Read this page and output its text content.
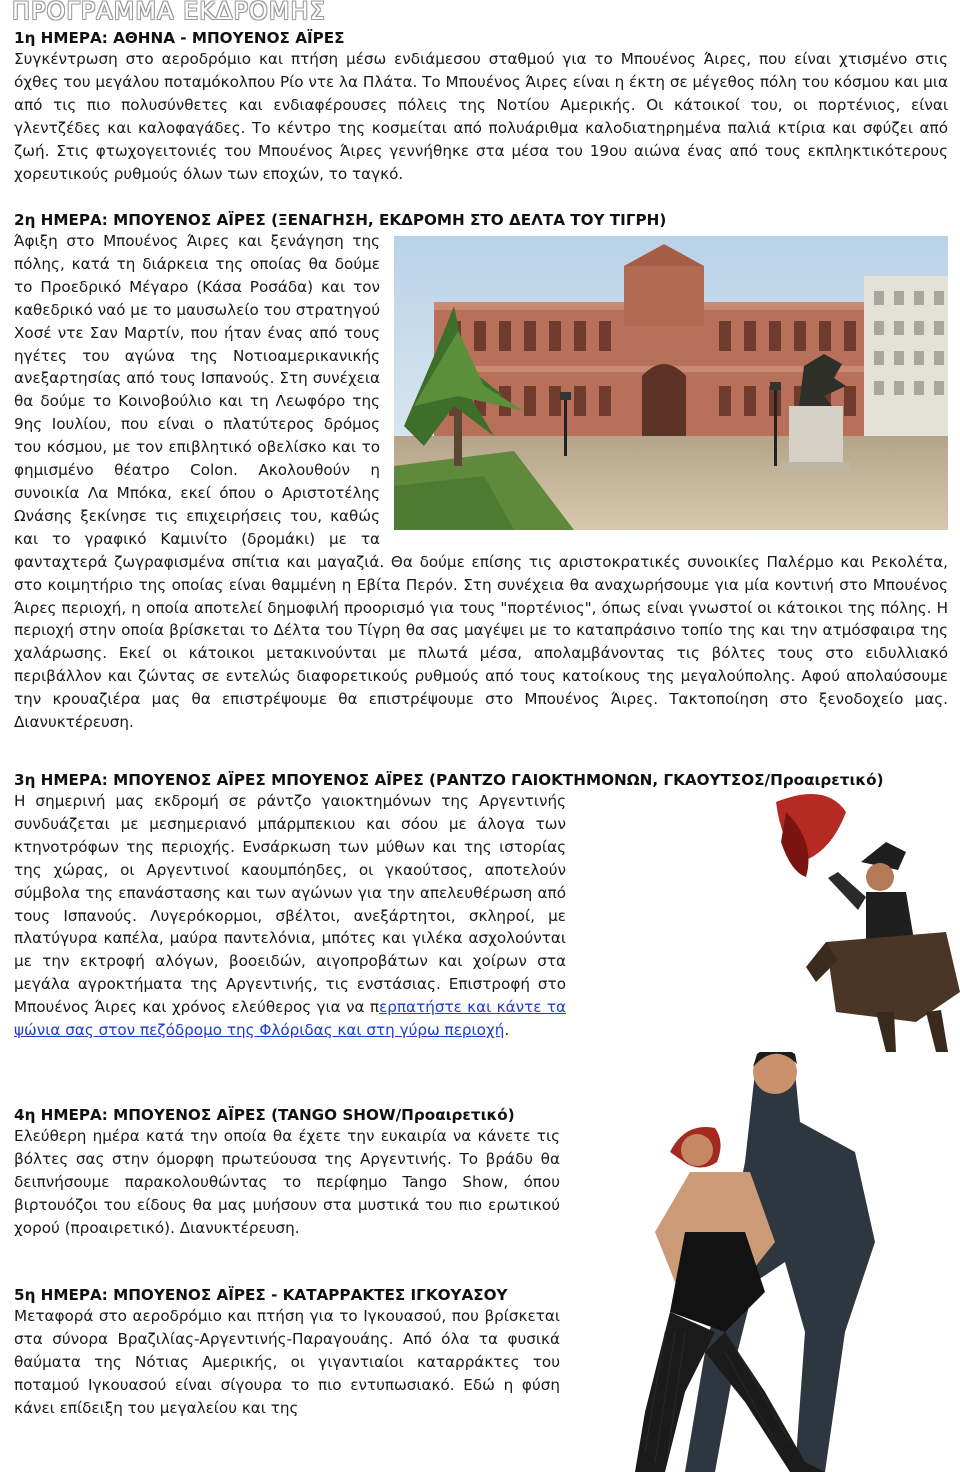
ΠΡΟΓΡΑΜΜΑ ΕΚΔΡΟΜΗΣ
1η ΗΜΕΡΑ: ΑΘΗΝΑ - ΜΠΟΥΕΝΟΣ ΑΪΡΕΣ

Συγκέντρωση στο αεροδρόμιο και πτήση μέσω ενδιάμεσου σταθμού για το Μπουένος Άιρες, που είναι χτισμένο στις όχθες του μεγάλου ποταμόκολπου Ρίο ντε λα Πλάτα. Το Μπουένος Άιρες είναι η έκτη σε μέγεθος πόλη του κόσμου και μια από τις πιο πολυσύνθετες και ενδιαφέρουσες πόλεις της Νοτίου Αμερικής. Οι κάτοικοί του, οι πορτένιος, είναι γλεντζέδες και καλοφαγάδες. Το κέντρο της κοσμείται από πολυάριθμα καλοδιατηρημένα παλιά κτίρια και σφύζει από ζωή. Στις φτωχογειτονιές του Μπουένος Άιρες γεννήθηκε στα μέσα του 19ου αιώνα ένας από τους εκπληκτικότερους χορευτικούς ρυθμούς όλων των εποχών, το ταγκό.

2η ΗΜΕΡΑ: ΜΠΟΥΕΝΟΣ ΑΪΡΕΣ (ΞΕΝΑΓΗΣΗ, ΕΚΔΡΟΜΗ ΣΤΟ ΔΕΛΤΑ ΤΟΥ ΤΙΓΡΗ)

Άφιξη στο Μπουένος Άιρες και ξενάγηση της πόλης, κατά τη διάρκεια της οποίας θα δούμε το Προεδρικό Μέγαρο (Κάσα Ροσάδα) και τον καθεδρικό ναό με το μαυσωλείο του στρατηγού Χοσέ ντε Σαν Μαρτίν, που ήταν ένας από τους ηγέτες του αγώνα της Νοτιοαμερικανικής ανεξαρτησίας από τους Ισπανούς. Στη συνέχεια θα δούμε το Κοινοβούλιο και τη Λεωφόρο της 9ης Ιουλίου, που είναι ο πλατύτερος δρόμος του κόσμου, με τον επιβλητικό οβελίσκο και το φημισμένο θέατρο Colon. Ακολουθούν η συνοικία Λα Μπόκα, εκεί όπου ο Αριστοτέλης Ωνάσης ξεκίνησε τις επιχειρήσεις του, καθώς και το γραφικό Καμινίτο (δρομάκι) με τα φανταχτερά ζωγραφισμένα σπίτια και μαγαζιά. Θα δούμε επίσης τις αριστοκρατικές συνοικίες Παλέρμο και Ρεκολέτα, στο κοιμητήριο της οποίας είναι θαμμένη η Εβίτα Περόν. Στη συνέχεια θα αναχωρήσουμε για μία κοντινή στο Μπουένος Άιρες περιοχή, η οποία αποτελεί δημοφιλή προορισμό για τους "πορτένιος", όπως είναι γνωστοί οι κάτοικοι της πόλης. Η περιοχή στην οποία βρίσκεται το Δέλτα του Τίγρη θα σας μαγέψει με το καταπράσινο τοπίο της και την ατμόσφαιρα της χαλάρωσης. Εκεί οι κάτοικοι μετακινούνται με πλωτά μέσα, απολαμβάνοντας τις βόλτες τους στο ειδυλλιακό περιβάλλον και ζώντας σε εντελώς διαφορετικούς ρυθμούς από τους κατοίκους της μεγαλούπολης. Αφού απολαύσουμε την κρουαζιέρα μας θα επιστρέψουμε θα επιστρέψουμε στο Μπουένος Άιρες. Τακτοποίηση στο ξενοδοχείο μας. Διανυκτέρευση.

3η ΗΜΕΡΑ: ΜΠΟΥΕΝΟΣ ΑΪΡΕΣ ΜΠΟΥΕΝΟΣ ΑΪΡΕΣ (ΡΑΝΤΖΟ ΓΑΙΟΚΤΗΜΟΝΩΝ, ΓΚΑΟΥΤΣΟΣ/Προαιρετικό)

Η σημερινή μας εκδρομή σε ράντζο γαιοκτημόνων της Αργεντινής συνδυάζεται με μεσημεριανό μπάρμπεκιου και σόου με άλογα των κτηνοτρόφων της περιοχής. Ενσάρκωση των μύθων και της ιστορίας της χώρας, οι Αργεντινοί καουμπόηδες, οι γκαούτσος, αποτελούν σύμβολα της επανάστασης και των αγώνων για την απελευθέρωση από τους Ισπανούς. Λυγερόκορμοι, σβέλτοι, ανεξάρτητοι, σκληροί, με πλατύγυρα καπέλα, μαύρα παντελόνια, μπότες και γιλέκα ασχολούνται με την εκτροφή αλόγων, βοοειδών, αιγοπροβάτων και χοίρων στα μεγάλα αγροκτήματα της Αργεντινής, τις ενστάσιας. Επιστροφή στο Μπουένος Άιρες και χρόνος ελεύθερος για να περπατήστε και κάντε τα ψώνια σας στον πεζόδρομο της Φλόριδας και στη γύρω περιοχή.

4η ΗΜΕΡΑ: ΜΠΟΥΕΝΟΣ ΑΪΡΕΣ (TANGO SHOW/Προαιρετικό)

Ελεύθερη ημέρα κατά την οποία θα έχετε την ευκαιρία να κάνετε τις βόλτες σας στην όμορφη πρωτεύουσα της Αργεντινής. Το βράδυ θα δειπνήσουμε παρακολουθώντας το περίφημο Tango Show, όπου βιρτουόζοι του είδους θα μας μυήσουν στα μυστικά του πιο ερωτικού χορού (προαιρετικό). Διανυκτέρευση.

5η ΗΜΕΡΑ: ΜΠΟΥΕΝΟΣ ΑΪΡΕΣ - ΚΑΤΑΡΡΑΚΤΕΣ ΙΓΚΟΥΑΣΟΥ

Μεταφορά στο αεροδρόμιο και πτήση για το Ιγκουασού, που βρίσκεται στα σύνορα Βραζιλίας-Αργεντινής-Παραγουάης. Από όλα τα φυσικά θαύματα της Νότιας Αμερικής, οι γιγαντιαίοι καταρράκτες του ποταμού Ιγκουασού είναι σίγουρα το πιο εντυπωσιακό. Εδώ η φύση κάνει επίδειξη του μεγαλείου και της
